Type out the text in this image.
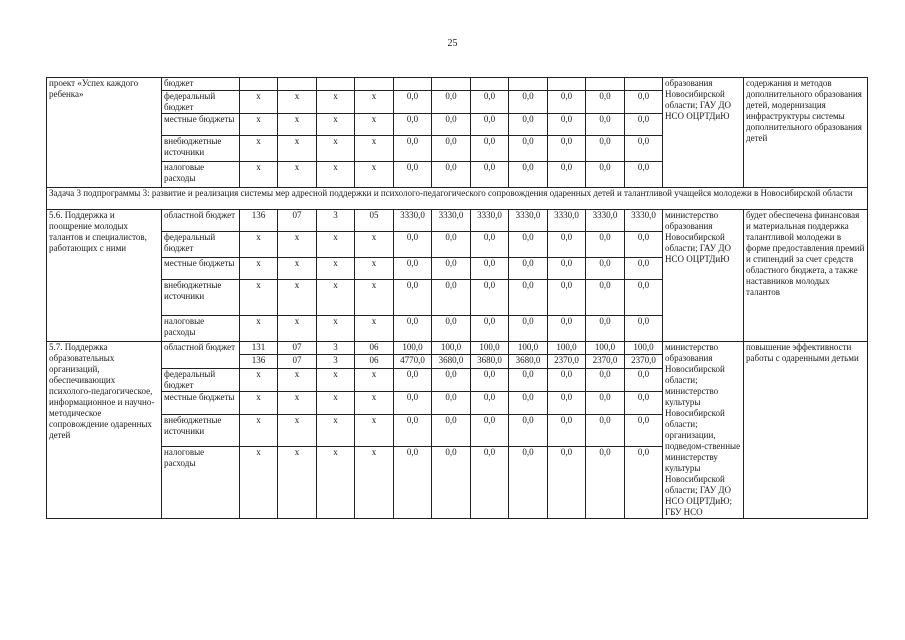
25
проект «Успех каждого ребенка»	бюджет												образования Новосибирской области; ГАУ ДО НСО ОЦРТДиЮ	содержания и методов дополнительного образования детей, модернизация инфраструктуры системы дополнительного образования детей
	федеральный бюджет	x	x	x	x	0,0	0,0	0,0	0,0	0,0	0,0	0,0		
	местные бюджеты	x	x	x	x	0,0	0,0	0,0	0,0	0,0	0,0	0,0		
	внебюджетные источники	x	x	x	x	0,0	0,0	0,0	0,0	0,0	0,0	0,0		
	налоговые расходы	x	x	x	x	0,0	0,0	0,0	0,0	0,0	0,0	0,0		
Задача 3 подпрограммы 3: развитие и реализация системы мер адресной поддержки и психолого-педагогического сопровождения одаренных детей и талантливой учащейся молодежи в Новосибирской области														
5.6. Поддержка и поощрение молодых талантов и специалистов, работающих с ними	областной бюджет	136	07	3	05	3330,0	3330,0	3330,0	3330,0	3330,0	3330,0	3330,0	министерство образования Новосибирской области; ГАУ ДО НСО ОЦРТДиЮ	будет обеспечена финансовая и материальная поддержка талантливой молодежи в форме предоставления премий и стипендий за счет средств областного бюджета, а также наставников молодых талантов
	федеральный бюджет	x	x	x	x	0,0	0,0	0,0	0,0	0,0	0,0	0,0		
	местные бюджеты	x	x	x	x	0,0	0,0	0,0	0,0	0,0	0,0	0,0		
	внебюджетные источники	x	x	x	x	0,0	0,0	0,0	0,0	0,0	0,0	0,0		
	налоговые расходы	x	x	x	x	0,0	0,0	0,0	0,0	0,0	0,0	0,0		
5.7. Поддержка образовательных организаций, обеспечивающих психолого-педагогическое, информационное и научно-методическое сопровождение одаренных детей	областной бюджет	131	07	3	06	100,0	100,0	100,0	100,0	100,0	100,0	100,0	министерство образования Новосибирской области; министерство культуры Новосибирской области; организации, подведом-ственные министерству культуры Новосибирской области; ГАУ ДО НСО ОЦРТДиЮ; ГБУ НСО	повышение эффективности работы с одаренными детьми
		136	07	3	06	4770,0	3680,0	3680,0	3680,0	2370,0	2370,0	2370,0		
	федеральный бюджет	x	x	x	x	0,0	0,0	0,0	0,0	0,0	0,0	0,0		
	местные бюджеты	x	x	x	x	0,0	0,0	0,0	0,0	0,0	0,0	0,0		
	внебюджетные источники	x	x	x	x	0,0	0,0	0,0	0,0	0,0	0,0	0,0		
	налоговые расходы	x	x	x	x	0,0	0,0	0,0	0,0	0,0	0,0	0,0		
